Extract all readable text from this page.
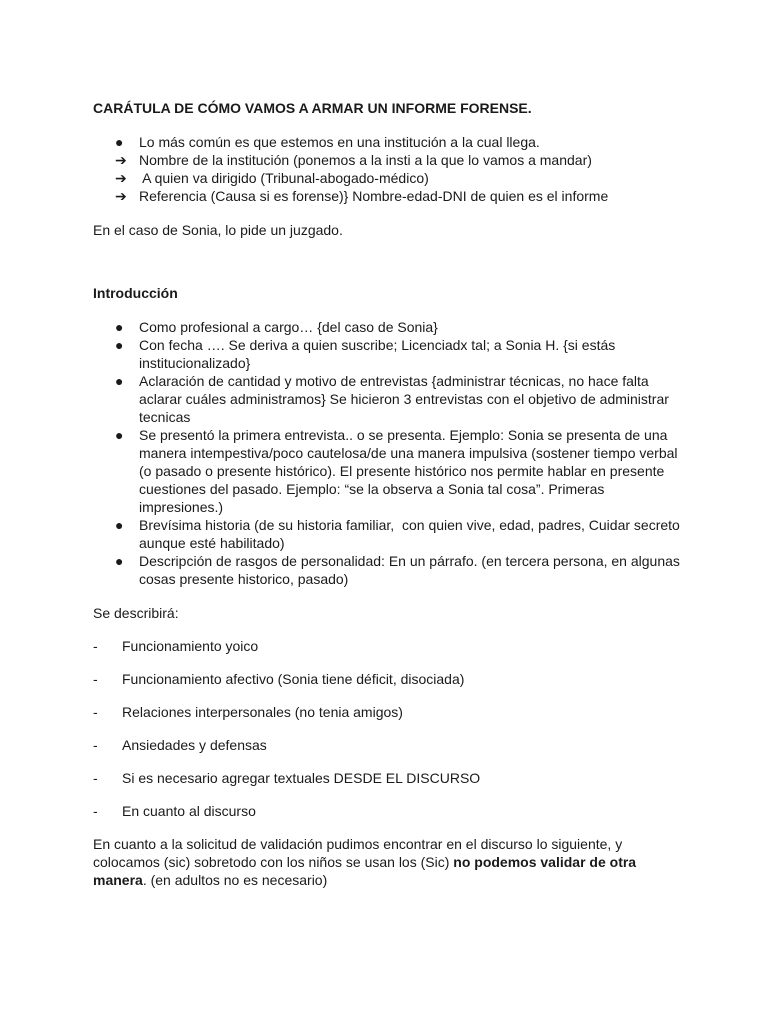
CARÁTULA DE CÓMO VAMOS A ARMAR UN INFORME FORENSE.

●	Lo más común es que estemos en una institución a la cual llega.
➔ Nombre de la institución (ponemos a la insti a la que lo vamos a mandar)
➔ A quien va dirigido (Tribunal-abogado-médico)
➔ Referencia (Causa si es forense)} Nombre-edad-DNI de quien es el informe

En el caso de Sonia, lo pide un juzgado.

Introducción

●	Como profesional a cargo… {del caso de Sonia}
●	Con fecha …. Se deriva a quien suscribe; Licenciadx tal; a Sonia H. {si estás institucionalizado}
●	Aclaración de cantidad y motivo de entrevistas {administrar técnicas, no hace falta aclarar cuáles administramos} Se hicieron 3 entrevistas con el objetivo de administrar tecnicas
●	Se presentó la primera entrevista.. o se presenta. Ejemplo: Sonia se presenta de una manera intempestiva/poco cautelosa/de una manera impulsiva (sostener tiempo verbal (o pasado o presente histórico). El presente histórico nos permite hablar en presente cuestiones del pasado. Ejemplo: “se la observa a Sonia tal cosa”. Primeras impresiones.)
●	Brevísima historia (de su historia familiar,  con quien vive, edad, padres, Cuidar secreto aunque esté habilitado)
●	Descripción de rasgos de personalidad: En un párrafo. (en tercera persona, en algunas cosas presente historico, pasado)

Se describirá:

- Funcionamiento yoico
- Funcionamiento afectivo (Sonia tiene déficit, disociada)
- Relaciones interpersonales (no tenia amigos)
- Ansiedades y defensas
- Si es necesario agregar textuales DESDE EL DISCURSO
- En cuanto al discurso

En cuanto a la solicitud de validación pudimos encontrar en el discurso lo siguiente, y colocamos (sic) sobretodo con los niños se usan los (Sic) no podemos validar de otra manera. (en adultos no es necesario)
